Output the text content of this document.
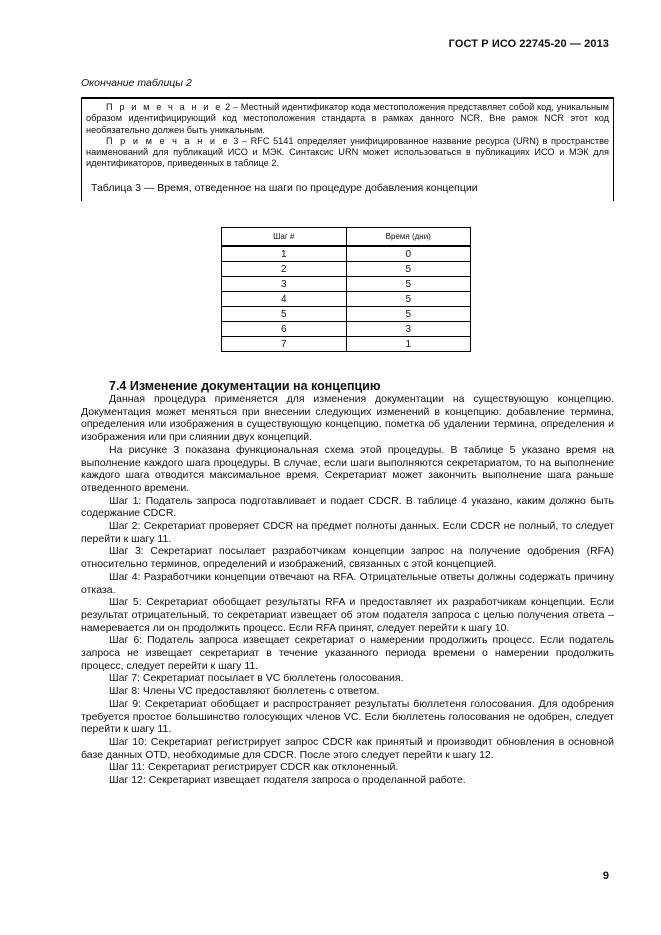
ГОСТ Р ИСО 22745-20 — 2013
Окончание таблицы 2

П р и м е ч а н и е 2 – Местный идентификатор кода местоположения представляет собой код, уникальным образом идентифицирующий код местоположения стандарта в рамках данного NCR. Вне рамок NCR этот код необязательно должен быть уникальным.

П р и м е ч а н и е 3 – RFC 5141 определяет унифицированное название ресурса (URN) в пространстве наименований для публикаций ИСО и МЭК. Синтаксис URN может использоваться в публикациях ИСО и МЭК для идентификаторов, приведенных в таблице 2.

Таблица 3 — Время, отведенное на шаги по процедуре добавления концепции
Шаг #	Время (дни)
1	0
2	5
3	5
4	5
5	5
6	3
7	1
7.4 Изменение документации на концепцию

Данная процедура применяется для изменения документации на существующую концепцию. Документация может меняться при внесении следующих изменений в концепцию: добавление термина, определения или изображения в существующую концепцию, пометка об удалении термина, определения и изображения или при слиянии двух концепций.

На рисунке 3 показана функциональная схема этой процедуры. В таблице 5 указано время на выполнение каждого шага процедуры. В случае, если шаги выполняются секретариатом, то на выполнение каждого шага отводится максимальное время. Секретариат может закончить выполнение шага раньше отведенного времени.

Шаг 1: Податель запроса подготавливает и подает CDCR. В таблице 4 указано, каким должно быть содержание CDCR.

Шаг 2: Секретариат проверяет CDCR на предмет полноты данных. Если CDCR не полный, то следует перейти к шагу 11.

Шаг 3: Секретариат посылает разработчикам концепции запрос на получение одобрения (RFA) относительно терминов, определений и изображений, связанных с этой концепцией.

Шаг 4: Разработчики концепции отвечают на RFA. Отрицательные ответы должны содержать причину отказа.

Шаг 5: Секретариат обобщает результаты RFA и предоставляет их разработчикам концепции. Если результат отрицательный, то секретариат извещает об этом подателя запроса с целью получения ответа – намеревается ли он продолжить процесс. Если RFA принят, следует перейти к шагу 10.

Шаг 6: Податель запроса извещает секретариат о намерении продолжить процесс. Если податель запроса не извещает секретариат в течение указанного периода времени о намерении продолжить процесс, следует перейти к шагу 11.

Шаг 7: Секретариат посылает в VC бюллетень голосования.

Шаг 8: Члены VC предоставляют бюллетень с ответом.

Шаг 9: Секретариат обобщает и распространяет результаты бюллетеня голосования. Для одобрения требуется простое большинство голосующих членов VC. Если бюллетень голосования не одобрен, следует перейти к шагу 11.

Шаг 10: Секретариат регистрирует запрос CDCR как принятый и производит обновления в основной базе данных OTD, необходимые для CDCR. После этого следует перейти к шагу 12.

Шаг 11: Секретариат регистрирует CDCR как отклоненный.

Шаг 12: Секретариат извещает подателя запроса о проделанной работе.

9
